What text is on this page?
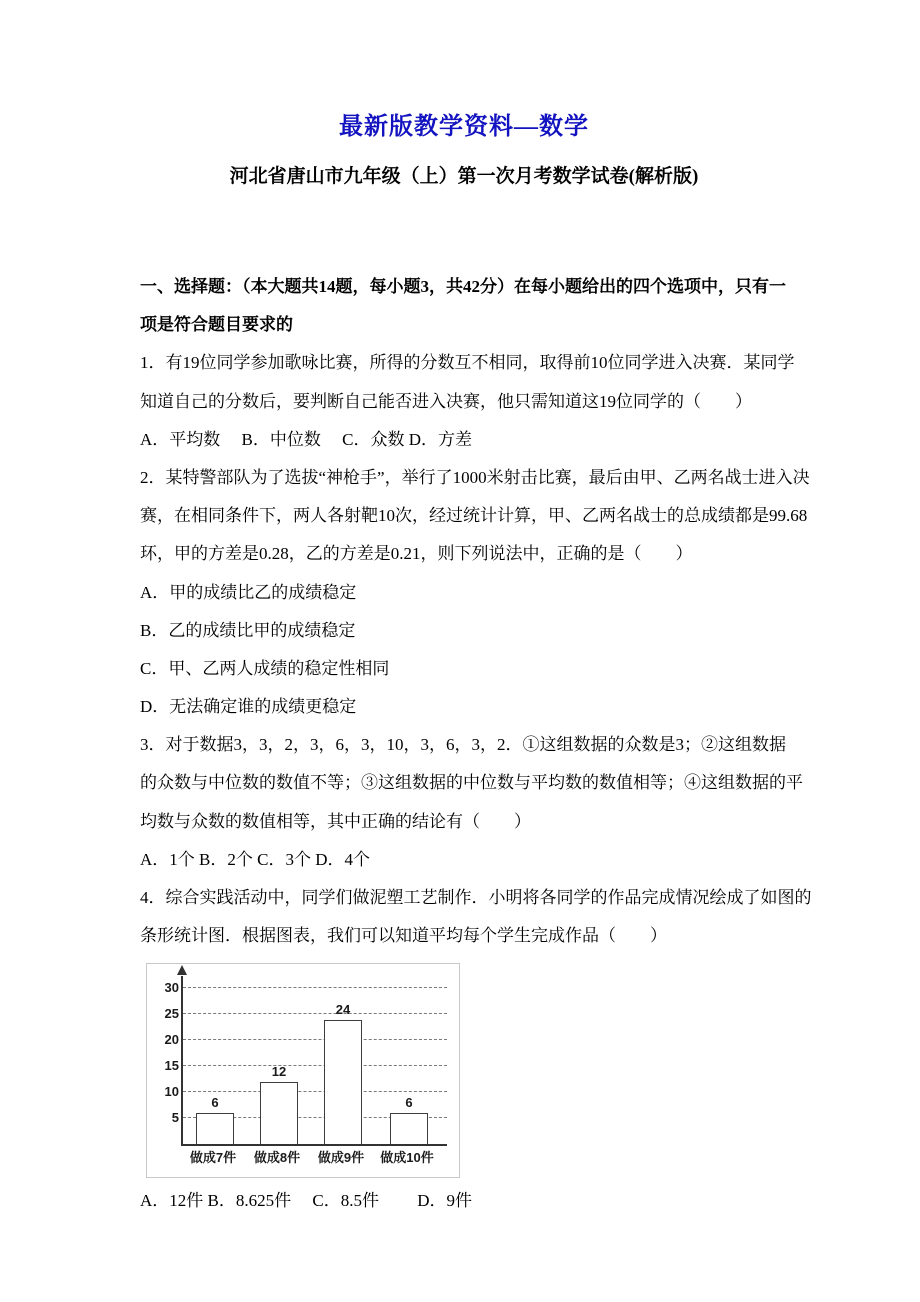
最新版教学资料—数学
河北省唐山市九年级（上）第一次月考数学试卷(解析版)
一、选择题：（本大题共14题，每小题3，共42分）在每小题给出的四个选项中，只有一
项是符合题目要求的
1．有19位同学参加歌咏比赛，所得的分数互不相同，取得前10位同学进入决赛．某同学
知道自己的分数后，要判断自己能否进入决赛，他只需知道这19位同学的（　　）
A．平均数　 B．中位数　 C．众数 D．方差
2．某特警部队为了选拔“神枪手”，举行了1000米射击比赛，最后由甲、乙两名战士进入决
赛，在相同条件下，两人各射靶10次，经过统计计算，甲、乙两名战士的总成绩都是99.68
环，甲的方差是0.28，乙的方差是0.21，则下列说法中，正确的是（　　）
A．甲的成绩比乙的成绩稳定
B．乙的成绩比甲的成绩稳定
C．甲、乙两人成绩的稳定性相同
D．无法确定谁的成绩更稳定
3．对于数据3，3，2，3，6，3，10，3，6，3，2．①这组数据的众数是3；②这组数据
的众数与中位数的数值不等；③这组数据的中位数与平均数的数值相等；④这组数据的平
均数与众数的数值相等，其中正确的结论有（　　）
A．1个 B．2个 C．3个 D．4个
4．综合实践活动中，同学们做泥塑工艺制作．小明将各同学的作品完成情况绘成了如图的
条形统计图．根据图表，我们可以知道平均每个学生完成作品（　　）
5
10
15
20
25
30
6
12
24
6
做成7件	做成8件	做成9件	做成10件
A．12件 B．8.625件　 C．8.5件　　 D．9件
